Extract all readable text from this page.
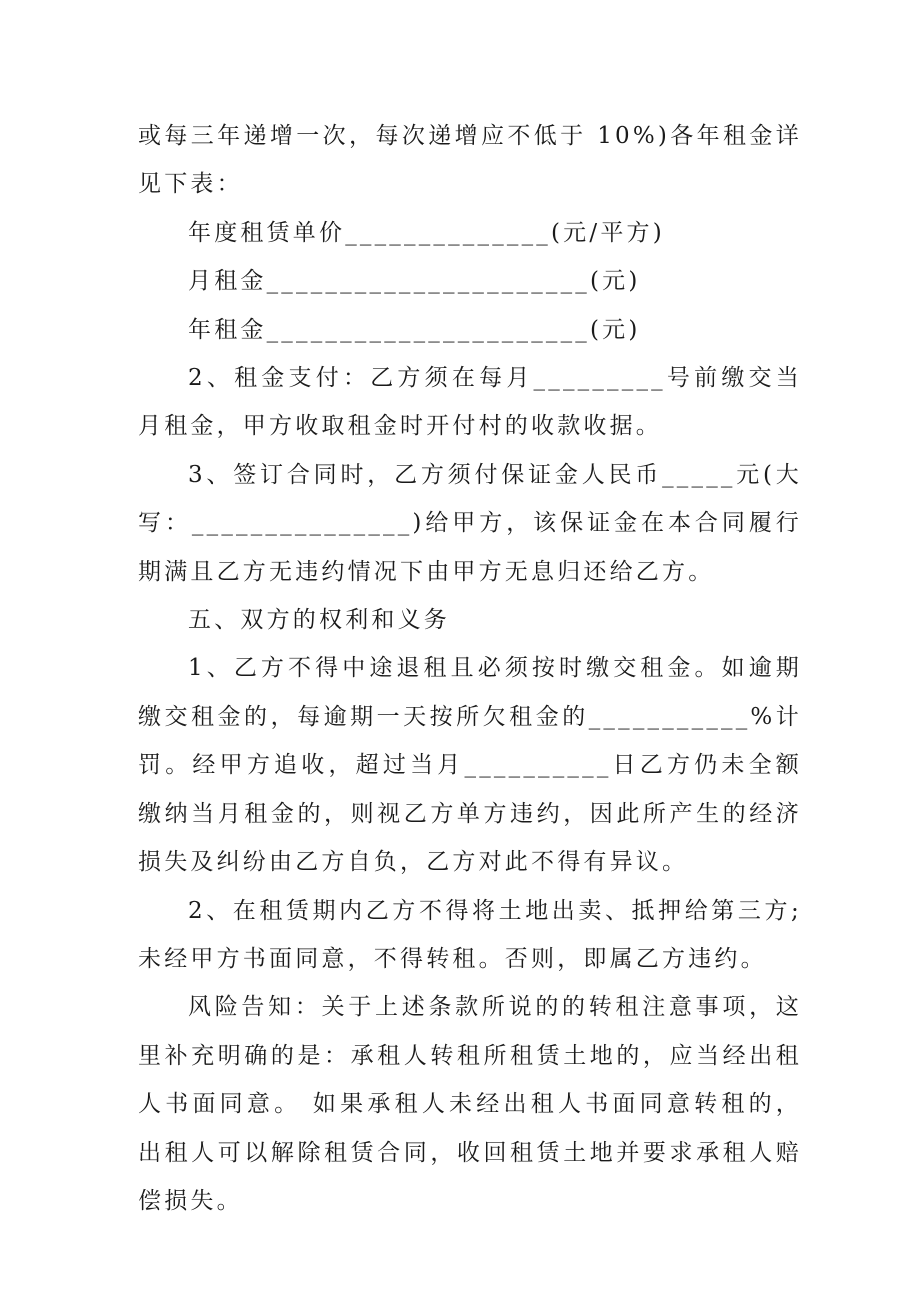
或每三年递增一次，每次递增应不低于 10%)各年租金详见下表：

年度租赁单价______________(元/平方)

月租金______________________(元)

年租金______________________(元)

2、租金支付：乙方须在每月_________号前缴交当月租金，甲方收取租金时开付村的收款收据。

3、签订合同时，乙方须付保证金人民币_____元(大写：_______________)给甲方，该保证金在本合同履行期满且乙方无违约情况下由甲方无息归还给乙方。

五、双方的权利和义务

1、乙方不得中途退租且必须按时缴交租金。如逾期缴交租金的，每逾期一天按所欠租金的___________%计罚。经甲方追收，超过当月__________日乙方仍未全额缴纳当月租金的，则视乙方单方违约，因此所产生的经济损失及纠纷由乙方自负，乙方对此不得有异议。

2、在租赁期内乙方不得将土地出卖、抵押给第三方;未经甲方书面同意，不得转租。否则，即属乙方违约。

风险告知：关于上述条款所说的的转租注意事项，这里补充明确的是：承租人转租所租赁土地的，应当经出租人书面同意。 如果承租人未经出租人书面同意转租的，出租人可以解除租赁合同，收回租赁土地并要求承租人赔偿损失。
